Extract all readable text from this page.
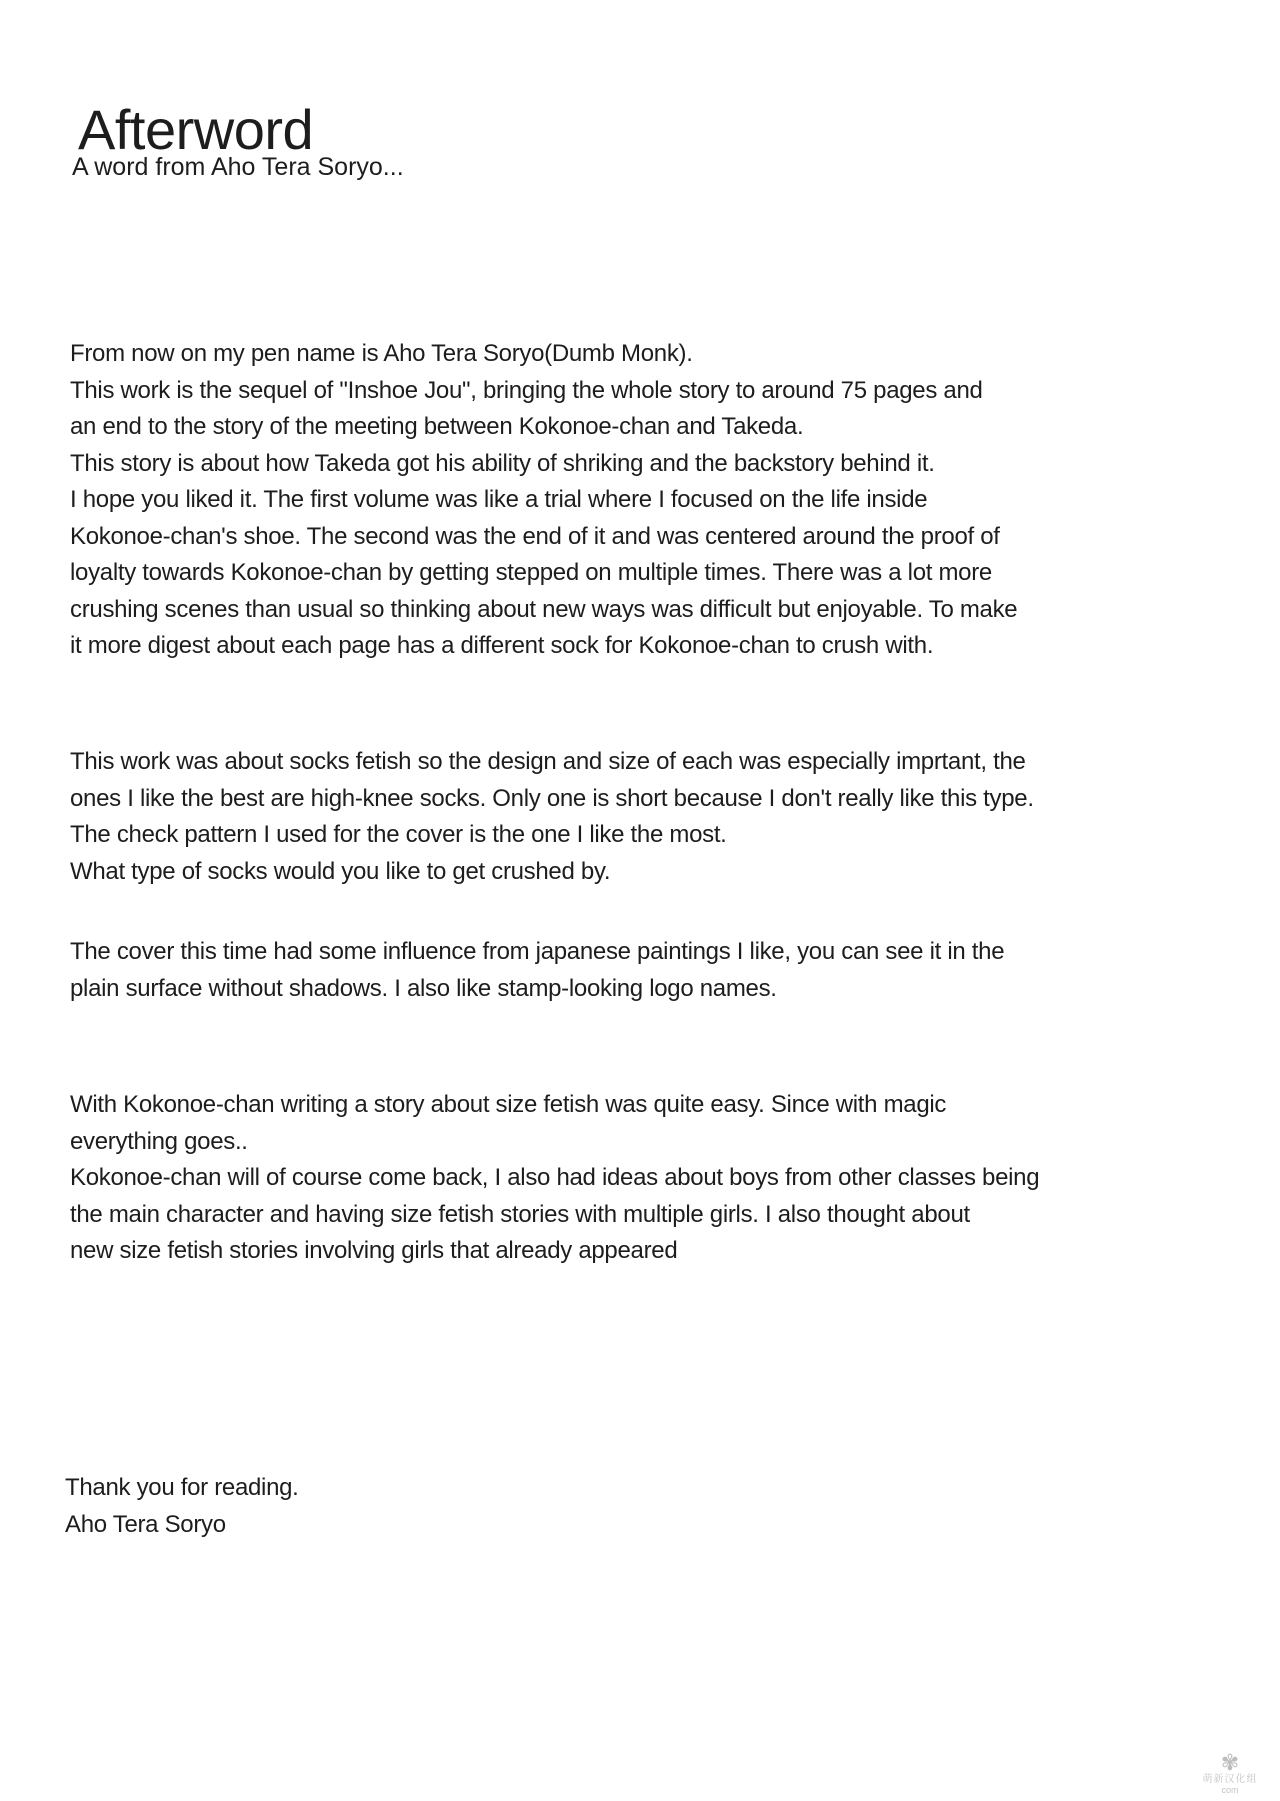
Afterword
A word from Aho Tera Soryo...
From now on my pen name is Aho Tera Soryo(Dumb Monk).
This work is the sequel of "Inshoe Jou", bringing the whole story to around 75 pages and
an end to the story of the meeting between Kokonoe-chan and Takeda.
This story is about how Takeda got his ability of shriking and the backstory behind it.
I hope you liked it. The first volume was like a trial where I focused on the life inside
Kokonoe-chan's shoe. The second was the end of it and was centered around the proof of
loyalty towards Kokonoe-chan by getting stepped on multiple times. There was a lot more
crushing scenes than usual so thinking about new ways was difficult but enjoyable. To make
it more digest about each page has a different sock for Kokonoe-chan to crush with.
This work was about socks fetish so the design and size of each was especially imprtant, the
ones I like the best are high-knee socks. Only one is short because I don't really like this type.
The check pattern I used for the cover is the one I like the most.
What type of socks would you like to get crushed by.
The cover this time had some influence from japanese paintings I like, you can see it in the
plain surface without shadows. I also like stamp-looking logo names.
With Kokonoe-chan writing a story about size fetish was quite easy. Since with magic
everything goes..
Kokonoe-chan will of course come back, I also had ideas about boys from other classes being
the main character and having size fetish stories with multiple girls. I also thought about
new size fetish stories involving girls that already appeared
Thank you for reading.
Aho Tera Soryo
✾
萌新汉化组
com
